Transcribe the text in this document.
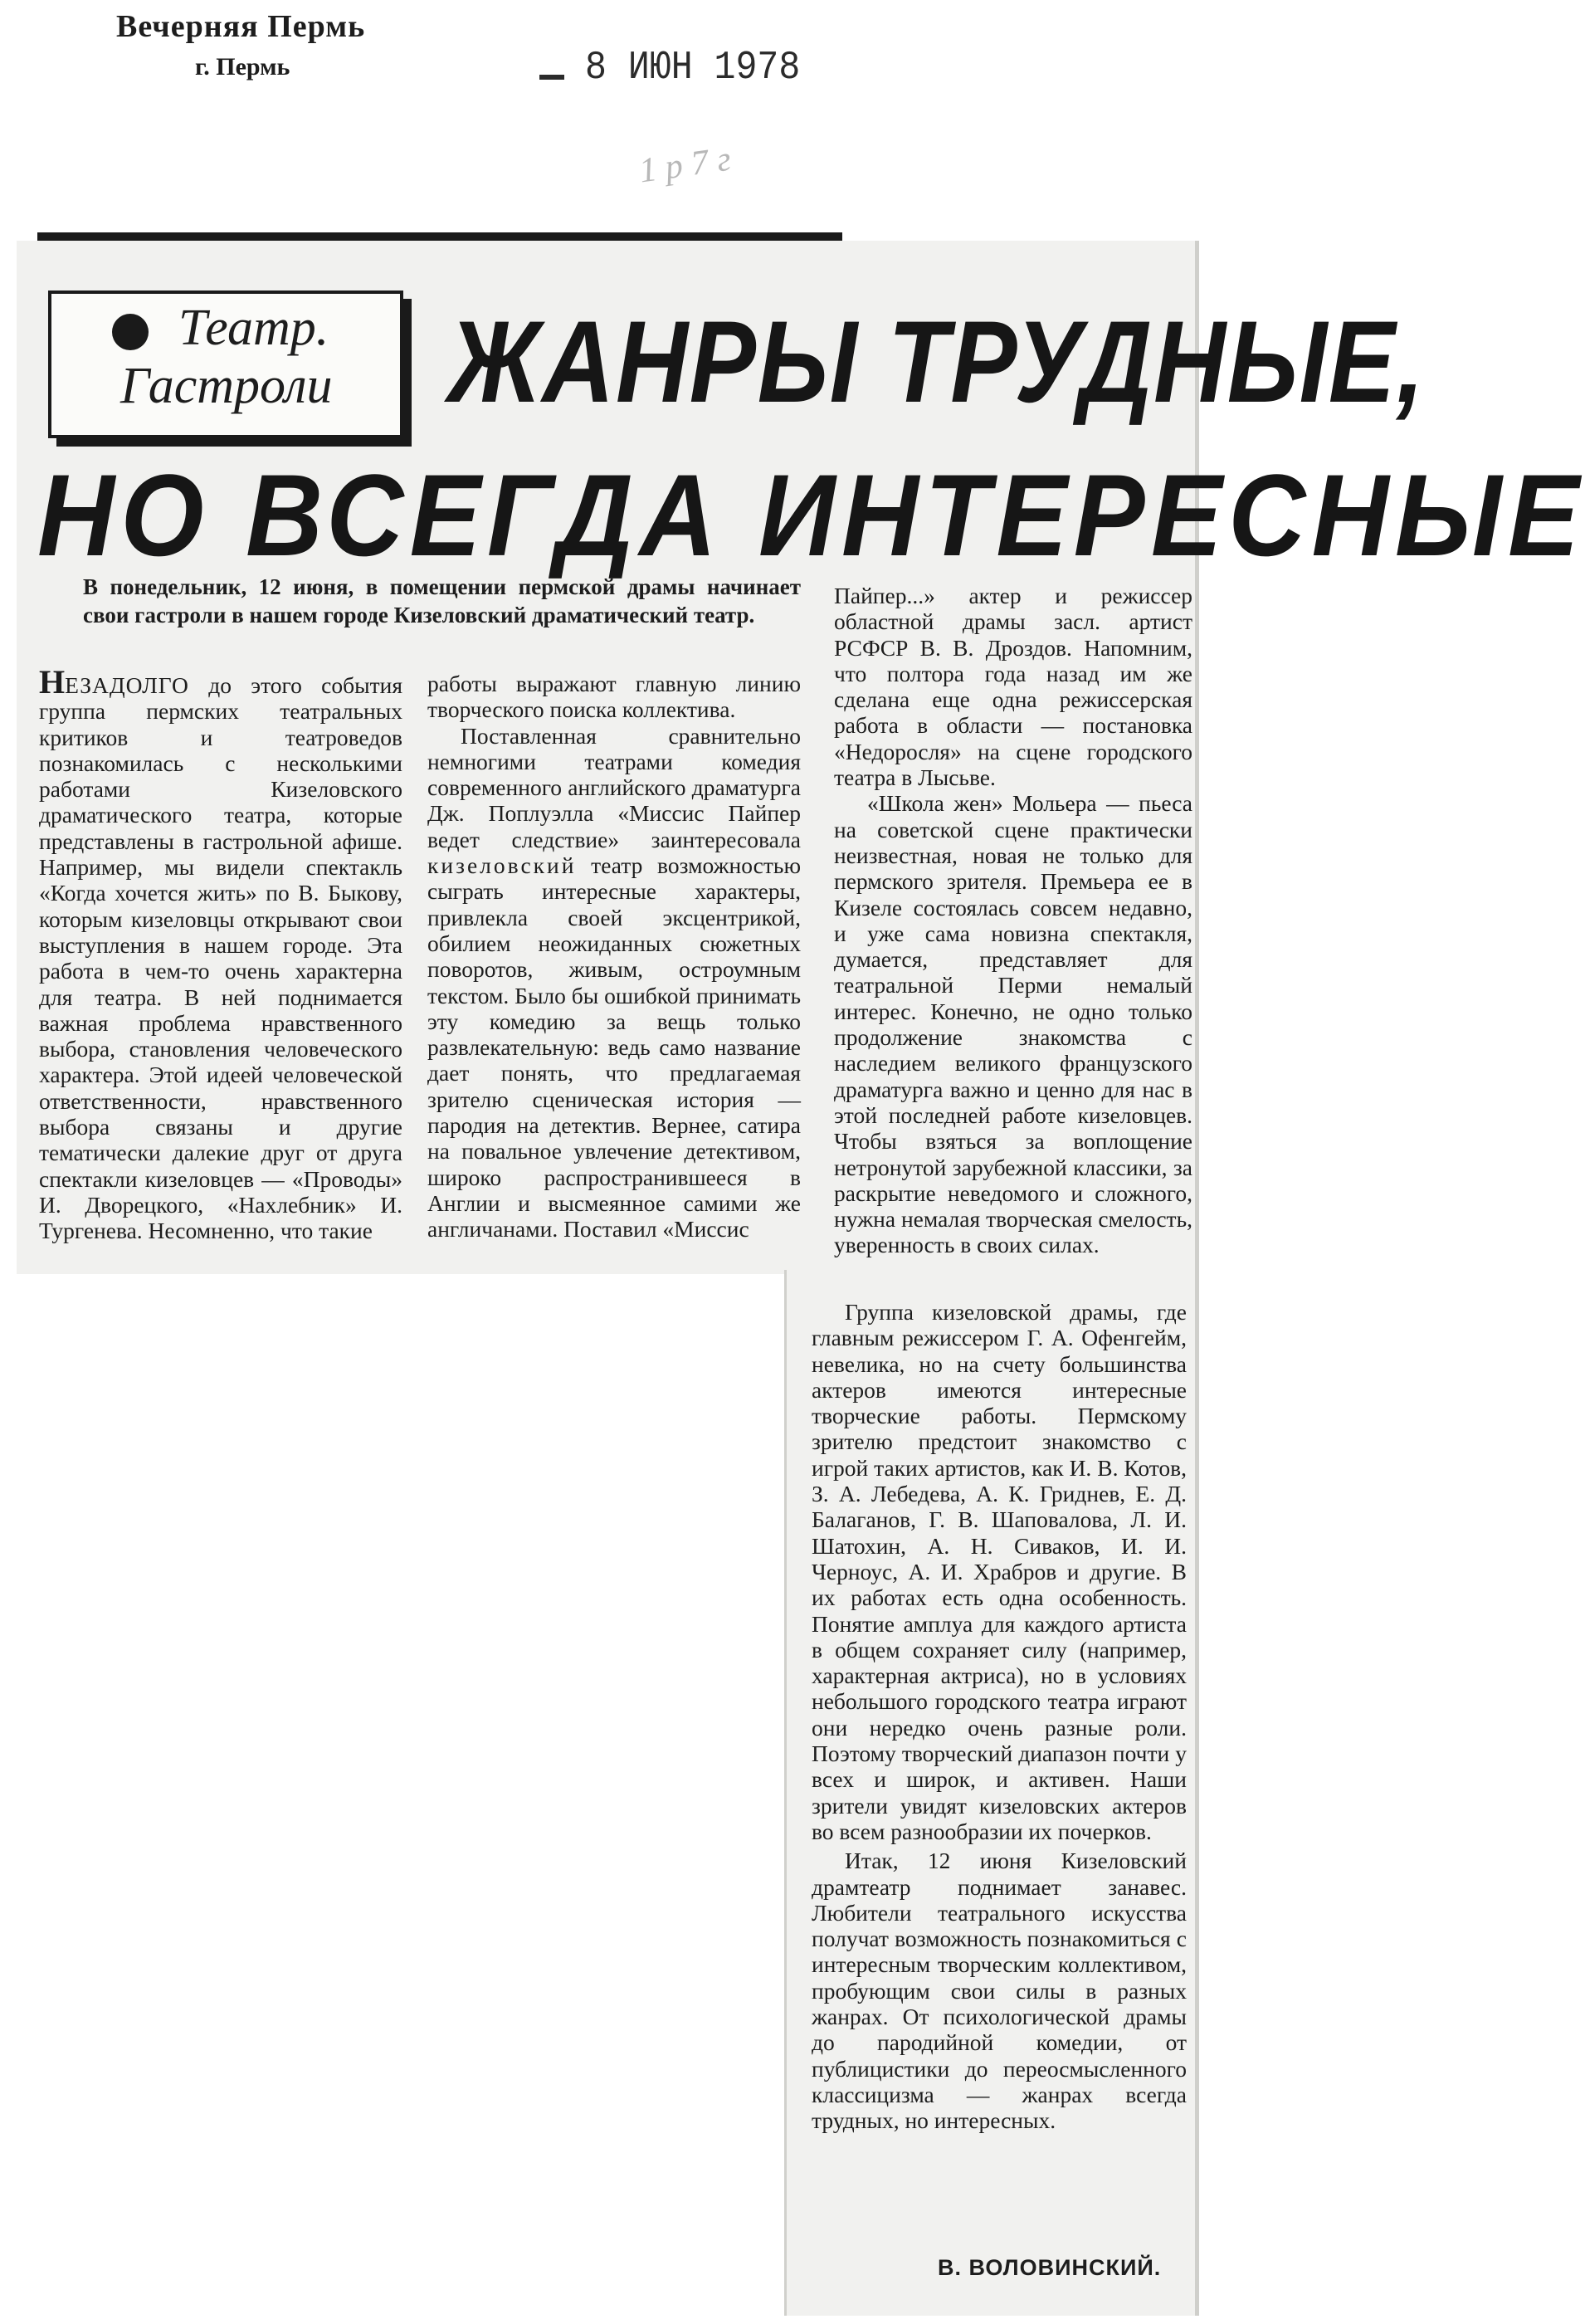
Вечерняя Пермь
г. Пермь	8 ИЮН 1978
1 р 7 г
Театр.
Гастроли ЖАНРЫ ТРУДНЫЕ,
НО ВСЕГДА ИНТЕРЕСНЫЕ
В понедельник, 12 июня, в помещении пермской драмы начинает свои гастроли в нашем городе Кизеловский драматический театр.

НЕЗАДОЛГО до этого события группа пермских театральных критиков и театроведов познакомилась с несколькими работами Кизеловского драматического театра, которые представлены в гастрольной афише. Например, мы видели спектакль «Когда хочется жить» по В. Быкову, которым кизеловцы открывают свои выступления в нашем городе. Эта работа в чем-то очень характерна для театра. В ней поднимается важная проблема нравственного выбора, становления человеческого характера. Этой идеей человеческой ответственности, нравственного выбора связаны и другие тематически далекие друг от друга спектакли кизеловцев — «Проводы» И. Дворецкого, «Нахлебник» И. Тургенева. Несомненно, что такие

работы выражают главную линию творческого поиска коллектива.

Поставленная сравнительно немногими театрами комедия современного английского драматурга Дж. Поплуэлла «Миссис Пайпер ведет следствие» заинтересовала кизеловский театр возможностью сыграть интересные характеры, привлекла своей эксцентрикой, обилием неожиданных сюжетных поворотов, живым, остроумным текстом. Было бы ошибкой принимать эту комедию за вещь только развлекательную: ведь само название дает понять, что предлагаемая зрителю сценическая история — пародия на детектив. Вернее, сатира на повальное увлечение детективом, широко распространившееся в Англии и высмеянное самими же англичанами. Поставил «Миссис

Пайпер...» актер и режиссер областной драмы засл. артист РСФСР В. В. Дроздов. Напомним, что полтора года назад им же сделана еще одна режиссерская работа в области — постановка «Недоросля» на сцене городского театра в Лысьве.

«Школа жен» Мольера — пьеса на советской сцене практически неизвестная, новая не только для пермского зрителя. Премьера ее в Кизеле состоялась совсем недавно, и уже сама новизна спектакля, думается, представляет для театральной Перми немалый интерес. Конечно, не одно только продолжение знакомства с наследием великого французского драматурга важно и ценно для нас в этой последней работе кизеловцев. Чтобы взяться за воплощение нетронутой зарубежной классики, за раскрытие неведомого и сложного, нужна немалая творческая смелость, уверенность в своих силах.

Группа кизеловской драмы, где главным режиссером Г. А. Офенгейм, невелика, но на счету большинства актеров имеются интересные творческие работы. Пермскому зрителю предстоит знакомство с игрой таких артистов, как И. В. Котов, З. А. Лебедева, А. К. Гриднев, Е. Д. Балаганов, Г. В. Шаповалова, Л. И. Шатохин, А. Н. Сиваков, И. И. Черноус, А. И. Храбров и другие. В их работах есть одна особенность. Понятие амплуа для каждого артиста в общем сохраняет силу (например, характерная актриса), но в условиях небольшого городского театра играют они нередко очень разные роли. Поэтому творческий диапазон почти у всех и широк, и активен. Наши зрители увидят кизеловских актеров во всем разнообразии их почерков.

Итак, 12 июня Кизеловский драмтеатр поднимает занавес. Любители театрального искусства получат возможность познакомиться с интересным творческим коллективом, пробующим свои силы в разных жанрах. От психологической драмы до пародийной комедии, от публицистики до переосмысленного классицизма — жанрах всегда трудных, но интересных.

В. ВОЛОВИНСКИЙ.
